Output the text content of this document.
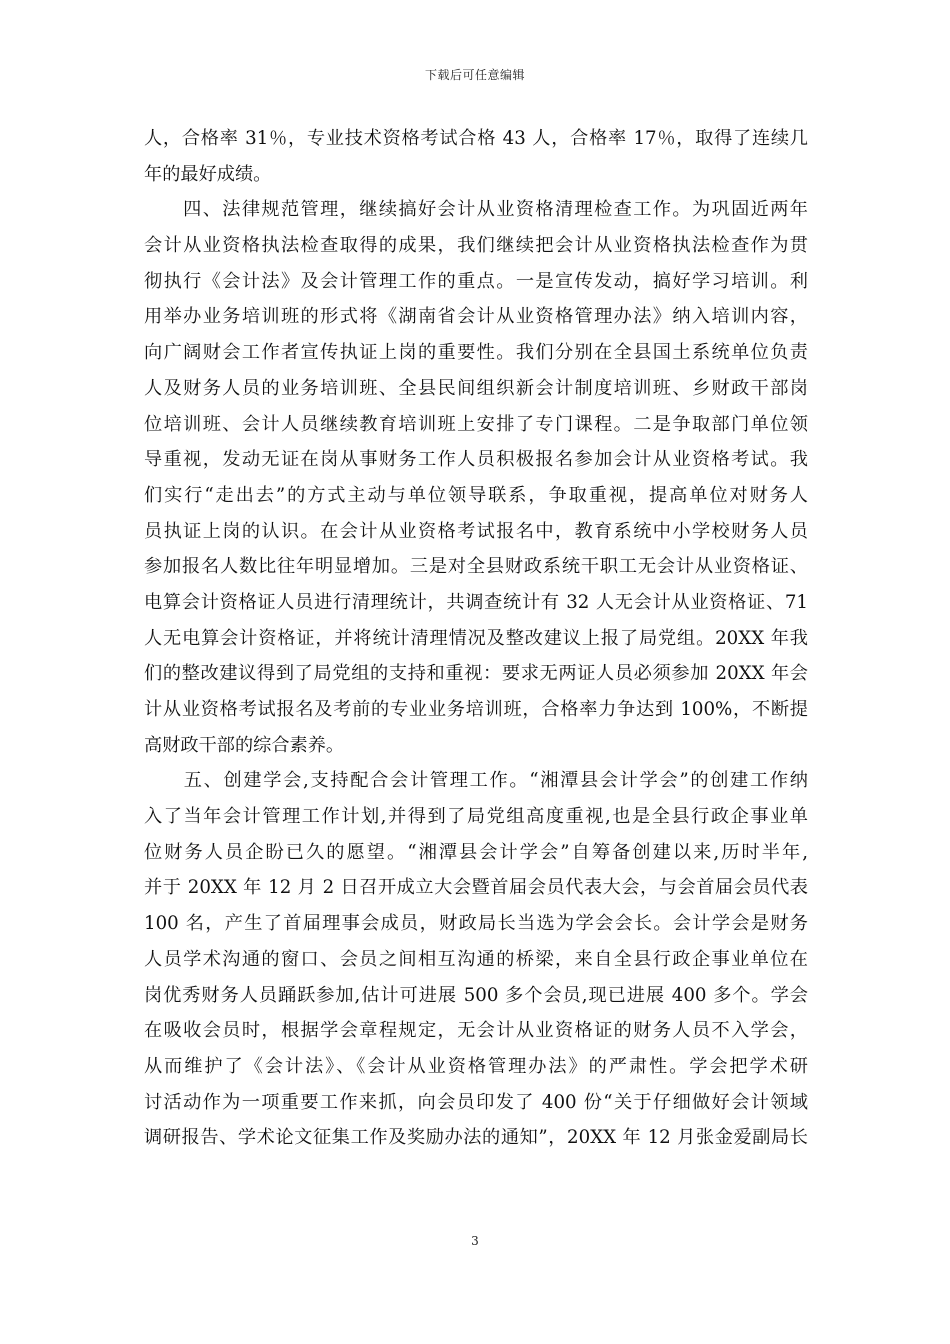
下载后可任意编辑
人，合格率 31％，专业技术资格考试合格 43 人，合格率 17％，取得了连续几
年的最好成绩。
　　四、法律规范管理，继续搞好会计从业资格清理检查工作。为巩固近两年
会计从业资格执法检查取得的成果，我们继续把会计从业资格执法检查作为贯
彻执行《会计法》及会计管理工作的重点。一是宣传发动，搞好学习培训。利
用举办业务培训班的形式将《湖南省会计从业资格管理办法》纳入培训内容，
向广阔财会工作者宣传执证上岗的重要性。我们分别在全县国土系统单位负责
人及财务人员的业务培训班、全县民间组织新会计制度培训班、乡财政干部岗
位培训班、会计人员继续教育培训班上安排了专门课程。二是争取部门单位领
导重视，发动无证在岗从事财务工作人员积极报名参加会计从业资格考试。我
们实行“走出去”的方式主动与单位领导联系，争取重视，提高单位对财务人
员执证上岗的认识。在会计从业资格考试报名中，教育系统中小学校财务人员
参加报名人数比往年明显增加。三是对全县财政系统干职工无会计从业资格证、
电算会计资格证人员进行清理统计，共调查统计有 32 人无会计从业资格证、71
人无电算会计资格证，并将统计清理情况及整改建议上报了局党组。20XX 年我
们的整改建议得到了局党组的支持和重视：要求无两证人员必须参加 20XX 年会
计从业资格考试报名及考前的专业业务培训班，合格率力争达到 100%，不断提
高财政干部的综合素养。
　　五、创建学会,支持配合会计管理工作。“湘潭县会计学会”的创建工作纳
入了当年会计管理工作计划,并得到了局党组高度重视,也是全县行政企事业单
位财务人员企盼已久的愿望。“湘潭县会计学会”自筹备创建以来,历时半年,
并于 20XX 年 12 月 2 日召开成立大会暨首届会员代表大会，与会首届会员代表
100 名，产生了首届理事会成员，财政局长当选为学会会长。会计学会是财务
人员学术沟通的窗口、会员之间相互沟通的桥梁，来自全县行政企事业单位在
岗优秀财务人员踊跃参加,估计可进展 500 多个会员,现已进展 400 多个。学会
在吸收会员时，根据学会章程规定，无会计从业资格证的财务人员不入学会，
从而维护了《会计法》、《会计从业资格管理办法》的严肃性。学会把学术研
讨活动作为一项重要工作来抓，向会员印发了 400 份“关于仔细做好会计领域
调研报告、学术论文征集工作及奖励办法的通知”，20XX 年 12 月张金爱副局长
3
